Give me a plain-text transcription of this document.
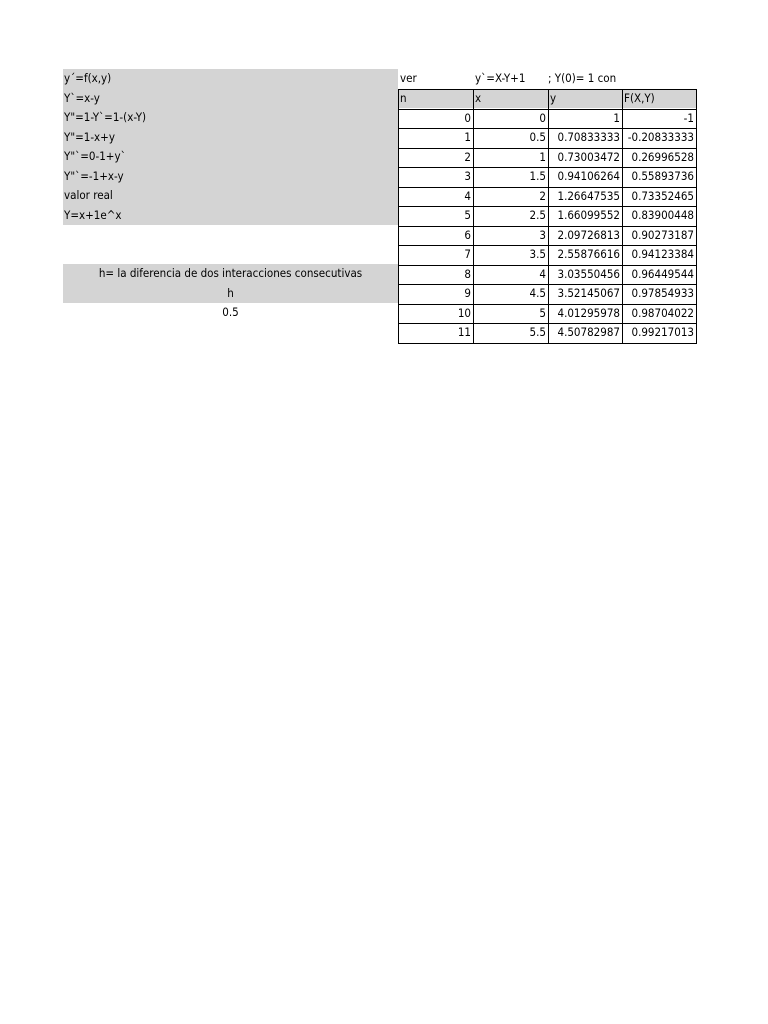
y´=f(x,y)
Y`=x-y
Y"=1-Y`=1-(x-Y)
Y"=1-x+y
Y"`=0-1+y`
Y"`=-1+x-y
valor real
Y=x+1e^x
h= la diferencia de dos interacciones consecutivas
h
0.5
ver	y`=X-Y+1 ; Y(0)= 1 con
n	x	y	F(X,Y)
0	0	1	-1
1	0.5 0.70833333 -0.20833333
2	1 0.73003472 0.26996528
3	1.5 0.94106264 0.55893736
4	2 1.26647535 0.73352465
5	2.5 1.66099552 0.83900448
6	3 2.09726813 0.90273187
7	3.5 2.55876616 0.94123384
8	4 3.03550456 0.96449544
9	4.5 3.52145067 0.97854933
10	5 4.01295978 0.98704022
11	5.5 4.50782987 0.99217013
